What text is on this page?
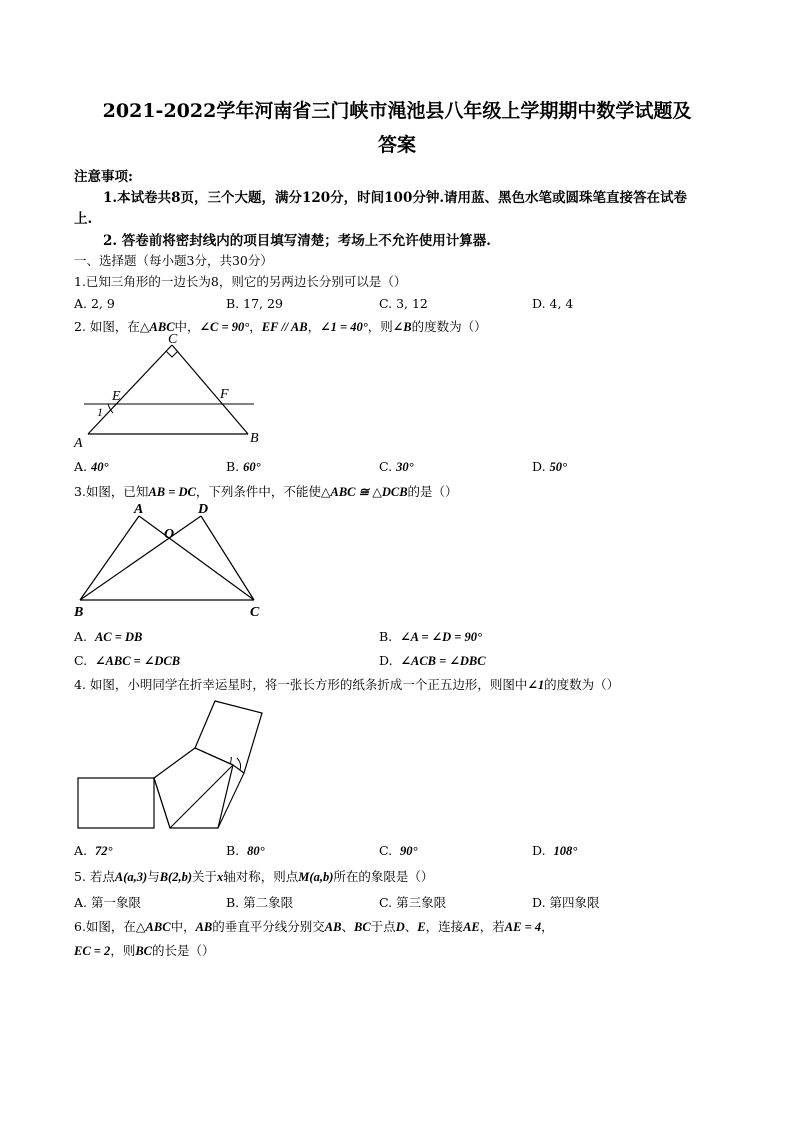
2021-2022学年河南省三门峡市渑池县八年级上学期期中数学试题及
答案
注意事项:
1.本试卷共8页，三个大题，满分120分，时间100分钟.请用蓝、黑色水笔或圆珠笔直接答在试卷
上.
2. 答卷前将密封线内的项目填写清楚；考场上不允许使用计算器.
一、选择题（每小题3分，共30分）
1.已知三角形的一边长为8，则它的另两边长分别可以是（）
A. 2, 9	B. 17, 29	C. 3, 12	D. 4, 4
2. 如图，在△ABC中，∠C = 90°，EF // AB，∠1 = 40°，则∠B的度数为（）
C
E	F
1
A	B
A. 40°	B. 60°	C. 30°	D. 50°
3.如图，已知AB = DC，下列条件中，不能使△ABC ≅ △DCB的是（）
A	D
O
B	C
A. AC = DB	B. ∠A = ∠D = 90°
C. ∠ABC = ∠DCB	D. ∠ACB = ∠DBC
4. 如图，小明同学在折幸运星时，将一张长方形的纸条折成一个正五边形，则图中∠1的度数为（）
1
A. 72°	B. 80°	C. 90°	D. 108°
5. 若点A(a,3)与B(2,b)关于x轴对称，则点M(a,b)所在的象限是（）
A. 第一象限	B. 第二象限	C. 第三象限	D. 第四象限
6.如图，在△ABC中，AB的垂直平分线分别交AB、BC于点D、E，连接AE，若AE = 4，
EC = 2，则BC的长是（）
